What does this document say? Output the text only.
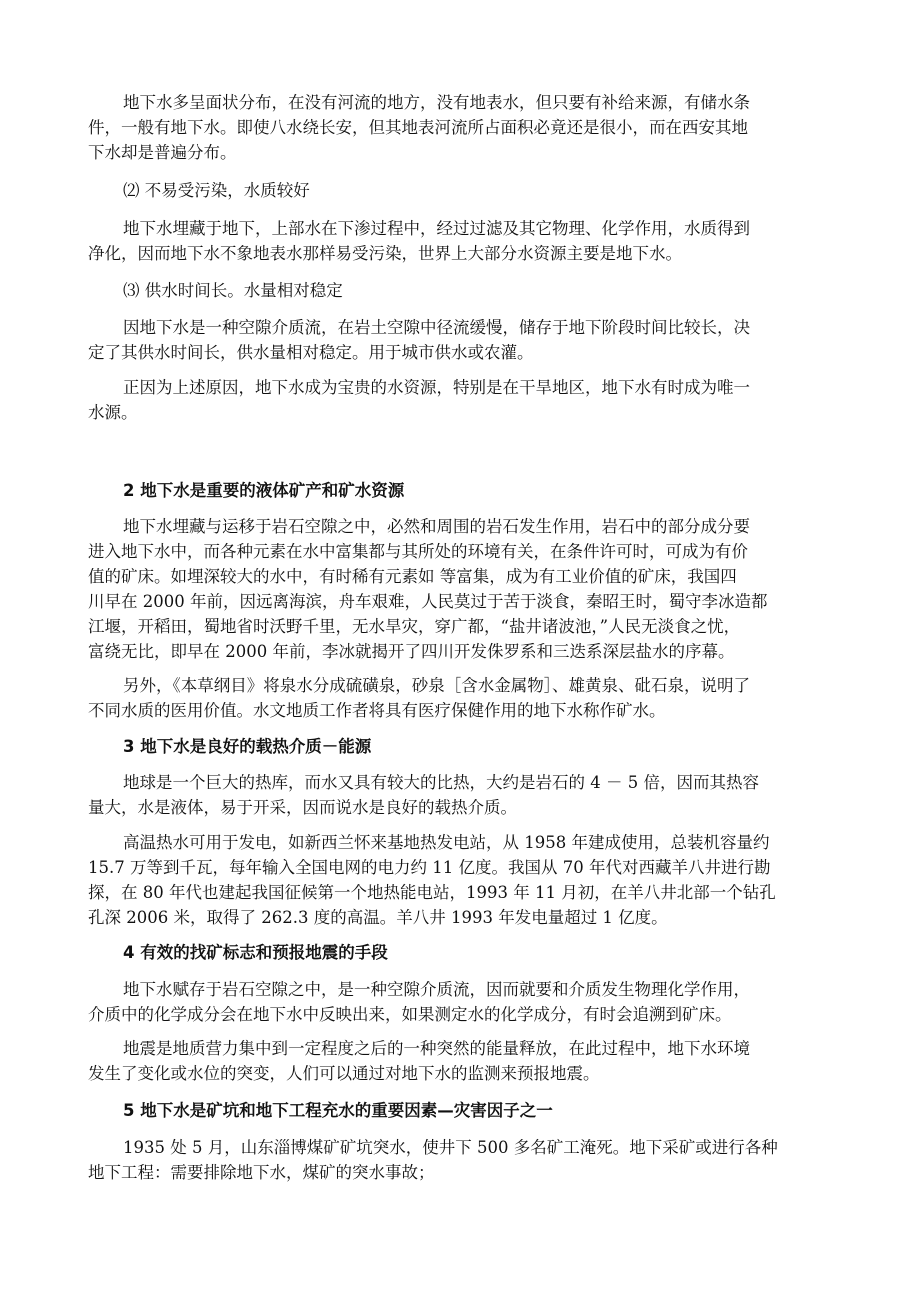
地下水多呈面状分布，在没有河流的地方，没有地表水，但只要有补给来源，有储水条
件，一般有地下水。即使八水绕长安，但其地表河流所占面积必竟还是很小，而在西安其地
下水却是普遍分布。

⑵ 不易受污染，水质较好

地下水埋藏于地下，上部水在下渗过程中，经过过滤及其它物理、化学作用，水质得到
净化，因而地下水不象地表水那样易受污染，世界上大部分水资源主要是地下水。

⑶ 供水时间长。水量相对稳定

因地下水是一种空隙介质流，在岩土空隙中径流缓慢，储存于地下阶段时间比较长，决
定了其供水时间长，供水量相对稳定。用于城市供水或农灌。
正因为上述原因，地下水成为宝贵的水资源，特别是在干旱地区，地下水有时成为唯一
水源。

2 地下水是重要的液体矿产和矿水资源

地下水埋藏与运移于岩石空隙之中，必然和周围的岩石发生作用，岩石中的部分成分要
进入地下水中，而各种元素在水中富集都与其所处的环境有关，在条件许可时，可成为有价
值的矿床。如埋深较大的水中，有时稀有元素如 等富集，成为有工业价值的矿床，我国四
川早在 2000 年前，因远离海滨，舟车艰难，人民莫过于苦于淡食，秦昭王时，蜀守李冰造都
江堰，开稻田，蜀地省时沃野千里，无水旱灾，穿广都，“盐井诸波池，”人民无淡食之忧，
富绕无比，即早在 2000 年前，李冰就揭开了四川开发侏罗系和三迭系深层盐水的序幕。
另外，《本草纲目》将泉水分成硫磺泉，砂泉［含水金属物］、雄黄泉、砒石泉，说明了
不同水质的医用价值。水文地质工作者将具有医疗保健作用的地下水称作矿水。

3 地下水是良好的载热介质－能源

地球是一个巨大的热库，而水又具有较大的比热，大约是岩石的 4 － 5 倍，因而其热容
量大，水是液体，易于开采，因而说水是良好的载热介质。
高温热水可用于发电，如新西兰怀来基地热发电站，从 1958 年建成使用，总装机容量约
15.7 万等到千瓦，每年输入全国电网的电力约 11 亿度。我国从 70 年代对西藏羊八井进行勘
探，在 80 年代也建起我国征候第一个地热能电站，1993 年 11 月初，在羊八井北部一个钻孔
孔深 2006 米，取得了 262.3 度的高温。羊八井 1993 年发电量超过 1 亿度。

4 有效的找矿标志和预报地震的手段

地下水赋存于岩石空隙之中，是一种空隙介质流，因而就要和介质发生物理化学作用，
介质中的化学成分会在地下水中反映出来，如果测定水的化学成分，有时会追溯到矿床。
地震是地质营力集中到一定程度之后的一种突然的能量释放，在此过程中，地下水环境
发生了变化或水位的突变，人们可以通过对地下水的监测来预报地震。

5 地下水是矿坑和地下工程充水的重要因素—灾害因子之一

1935 处 5 月，山东淄博煤矿矿坑突水，使井下 500 多名矿工淹死。地下采矿或进行各种
地下工程：需要排除地下水，煤矿的突水事故；
